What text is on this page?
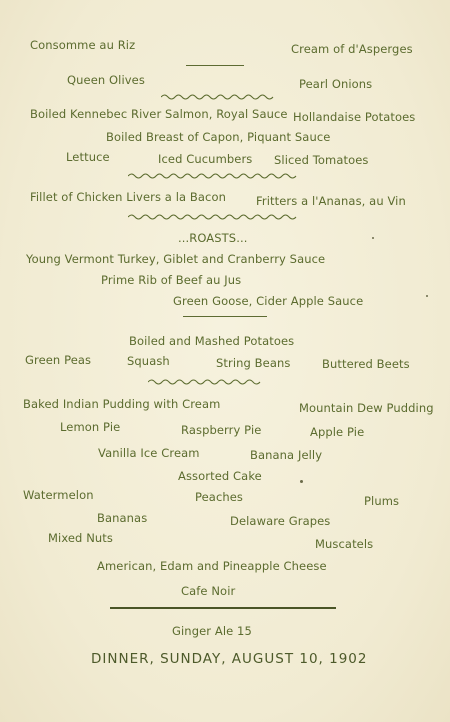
Consomme au Riz	Cream of d'Asperges
Queen Olives	Pearl Onions
Boiled Kennebec River Salmon, Royal Sauce Hollandaise Potatoes
Boiled Breast of Capon, Piquant Sauce
Lettuce	Iced Cucumbers Sliced Tomatoes
Fillet of Chicken Livers a la Bacon	Fritters a l'Ananas, au Vin
...ROASTS...
Young Vermont Turkey, Giblet and Cranberry Sauce
Prime Rib of Beef au Jus
Green Goose, Cider Apple Sauce
Boiled and Mashed Potatoes
Green Peas	Squash	String Beans	Buttered Beets
Baked Indian Pudding with Cream	Mountain Dew Pudding
Lemon Pie	Raspberry Pie	Apple Pie
Vanilla Ice Cream	Banana Jelly
Assorted Cake
Watermelon	Peaches	Plums
Bananas	Delaware Grapes
Mixed Nuts	Muscatels
American, Edam and Pineapple Cheese
Cafe Noir
Ginger Ale 15
DINNER, SUNDAY, AUGUST 10, 1902
